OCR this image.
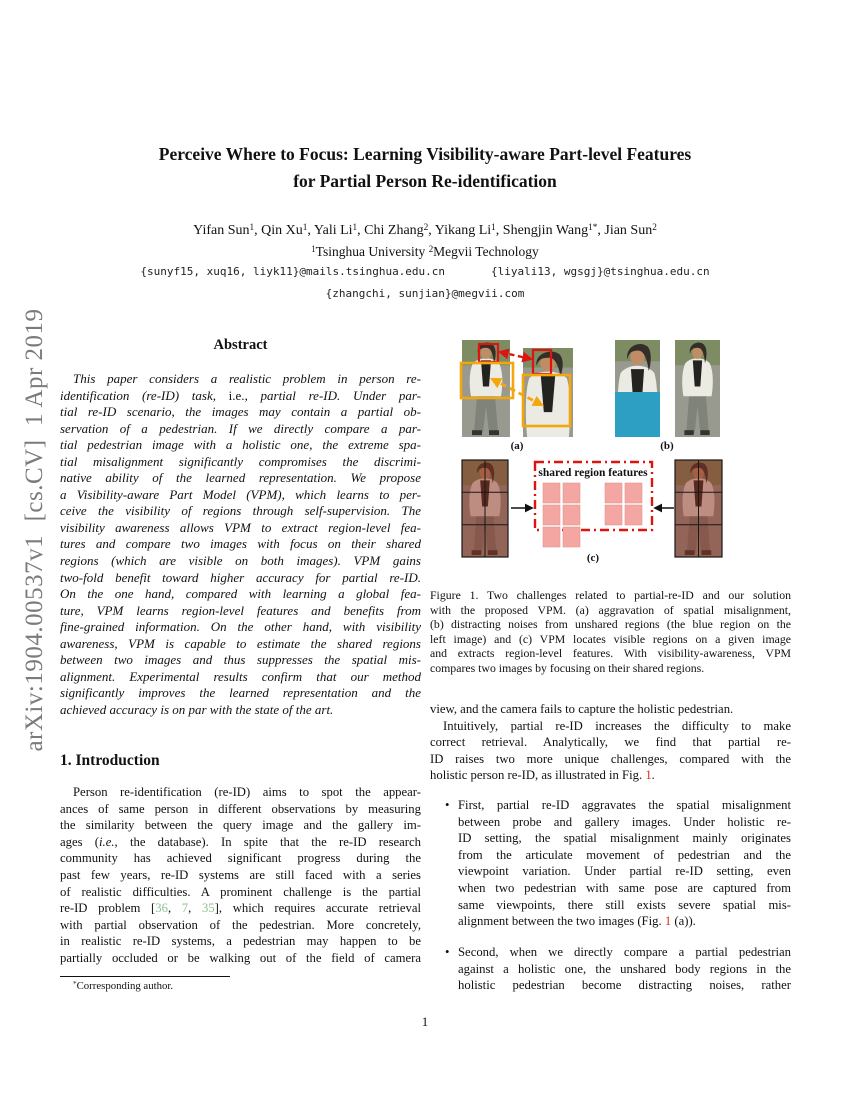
arXiv:1904.00537v1  [cs.CV]  1 Apr 2019
Perceive Where to Focus: Learning Visibility-aware Part-level Features
for Partial Person Re-identification
Yifan Sun$^1$, Qin Xu$^1$, Yali Li$^1$, Chi Zhang$^2$, Yikang Li$^1$, Shengjin Wang$^{1*}$, Jian Sun$^2$
$^1$Tsinghua University $^2$Megvii Technology
{sunyf15, xuq16, liyk11}@mails.tsinghua.edu.cn	{liyali13, wgsgj}@tsinghua.edu.cn
{zhangchi, sunjian}@megvii.com
Abstract
This paper considers a realistic problem in person re-
identification (re-ID) task, i.e., partial re-ID. Under par-
tial re-ID scenario, the images may contain a partial ob-
servation of a pedestrian. If we directly compare a par-
tial pedestrian image with a holistic one, the extreme spa-
tial misalignment significantly compromises the discrimi-
native ability of the learned representation. We propose
a Visibility-aware Part Model (VPM), which learns to per-
ceive the visibility of regions through self-supervision. The
visibility awareness allows VPM to extract region-level fea-
tures and compare two images with focus on their shared
regions (which are visible on both images). VPM gains
two-fold benefit toward higher accuracy for partial re-ID.
On the one hand, compared with learning a global fea-
ture, VPM learns region-level features and benefits from
fine-grained information. On the other hand, with visibility
awareness, VPM is capable to estimate the shared regions
between two images and thus suppresses the spatial mis-
alignment. Experimental results confirm that our method
significantly improves the learned representation and the
achieved accuracy is on par with the state of the art.
1. Introduction
Person re-identification (re-ID) aims to spot the appear-
ances of same person in different observations by measuring
the similarity between the query image and the gallery im-
ages (i.e., the database). In spite that the re-ID research
community has achieved significant progress during the
past few years, re-ID systems are still faced with a series
of realistic difficulties. A prominent challenge is the partial
re-ID problem [36, 7, 35], which requires accurate retrieval
with partial observation of the pedestrian. More concretely,
in realistic re-ID systems, a pedestrian may happen to be
partially occluded or be walking out of the field of camera
*Corresponding author.
(a)	(b)
shared region features
(c)
Figure 1. Two challenges related to partial-re-ID and our solution
with the proposed VPM. (a) aggravation of spatial misalignment,
(b) distracting noises from unshared regions (the blue region on the
left image) and (c) VPM locates visible regions on a given image
and extracts region-level features. With visibility-awareness, VPM
compares two images by focusing on their shared regions.
view, and the camera fails to capture the holistic pedestrian.
Intuitively, partial re-ID increases the difficulty to make
correct retrieval. Analytically, we find that partial re-
ID raises two more unique challenges, compared with the
holistic person re-ID, as illustrated in Fig. 1.
• First, partial re-ID aggravates the spatial misalignment
between probe and gallery images. Under holistic re-
ID setting, the spatial misalignment mainly originates
from the articulate movement of pedestrian and the
viewpoint variation. Under partial re-ID setting, even
when two pedestrian with same pose are captured from
same viewpoints, there still exists severe spatial mis-
alignment between the two images (Fig. 1 (a)).
• Second, when we directly compare a partial pedestrian
against a holistic one, the unshared body regions in the
holistic pedestrian become distracting noises, rather
1
